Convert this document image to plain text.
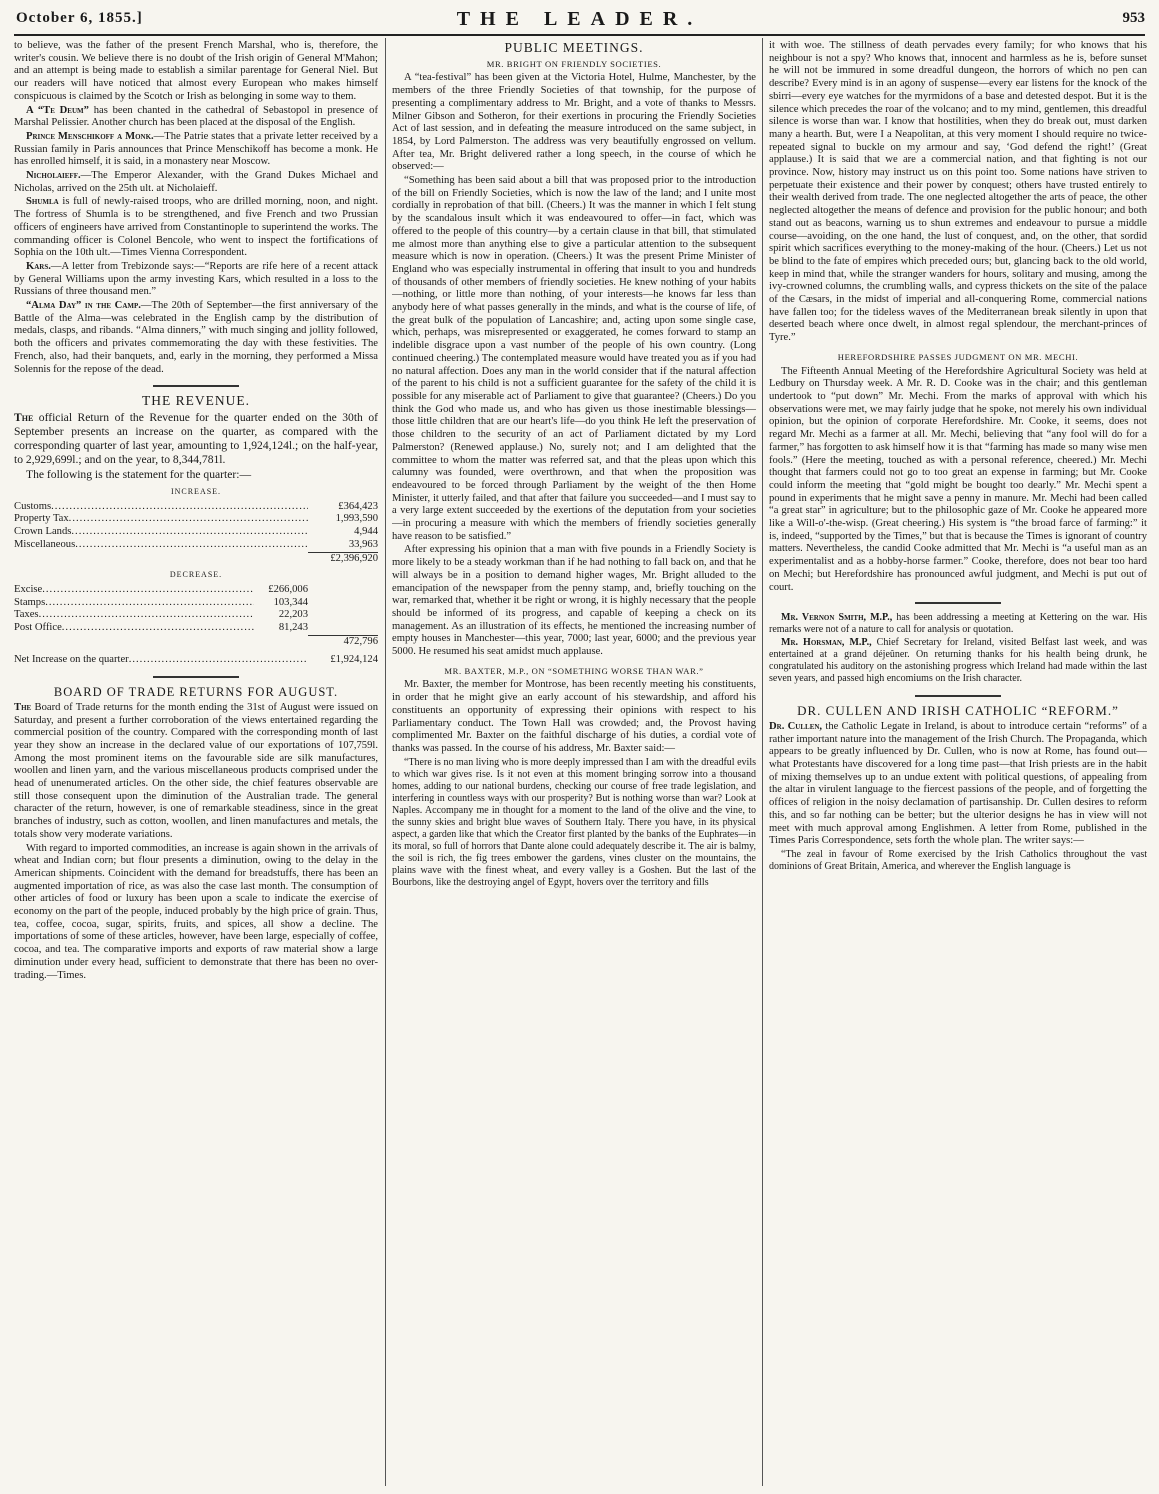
October 6, 1855.]	THE LEADER.	953

to believe, was the father of the present French Marshal, who is, therefore, the writer's cousin. We believe there is no doubt of the Irish origin of General M'Mahon; and an attempt is being made to establish a similar parentage for General Niel. But our readers will have noticed that almost every European who makes himself conspicuous is claimed by the Scotch or Irish as belonging in some way to them.

A “Te Deum” has been chanted in the cathedral of Sebastopol in presence of Marshal Pelissier. Another church has been placed at the disposal of the English.

Prince Menschikoff a Monk.—The Patrie states that a private letter received by a Russian family in Paris announces that Prince Menschikoff has become a monk. He has enrolled himself, it is said, in a monastery near Moscow.

Nicholaieff.—The Emperor Alexander, with the Grand Dukes Michael and Nicholas, arrived on the 25th ult. at Nicholaieff.

Shumla is full of newly-raised troops, who are drilled morning, noon, and night. The fortress of Shumla is to be strengthened, and five French and two Prussian officers of engineers have arrived from Constantinople to superintend the works. The commanding officer is Colonel Bencole, who went to inspect the fortifications of Sophia on the 10th ult.—Times Vienna Correspondent.

Kars.—A letter from Trebizonde says:—“Reports are rife here of a recent attack by General Williams upon the army investing Kars, which resulted in a loss to the Russians of three thousand men.”

“Alma Day” in the Camp.—The 20th of September—the first anniversary of the Battle of the Alma—was celebrated in the English camp by the distribution of medals, clasps, and ribands. “Alma dinners,” with much singing and jollity followed, both the officers and privates commemorating the day with these festivities. The French, also, had their banquets, and, early in the morning, they performed a Missa Solennis for the repose of the dead.

THE REVENUE.

The official Return of the Revenue for the quarter ended on the 30th of September presents an increase on the quarter, as compared with the corresponding quarter of last year, amounting to 1,924,124l.; on the half-year, to 2,929,699l.; and on the year, to 8,344,781l.

The following is the statement for the quarter:—

INCREASE.
Customs .....	£364,423
Property Tax .....	1,993,590
Crown Lands .....	4,944
Miscellaneous .....	33,963
£2,396,920
DECREASE.
Excise .....	£266,006
Stamps .....	103,344
Taxes .....	22,203
Post Office .....	81,243
472,796
Net Increase on the quarter .....	£1,924,124
BOARD OF TRADE RETURNS FOR AUGUST.

The Board of Trade returns for the month ending the 31st of August were issued on Saturday, and present a further corroboration of the views entertained regarding the commercial position of the country. Compared with the corresponding month of last year they show an increase in the declared value of our exportations of 107,759l. Among the most prominent items on the favourable side are silk manufactures, woollen and linen yarn, and the various miscellaneous products comprised under the head of unenumerated articles. On the other side, the chief features observable are still those consequent upon the diminution of the Australian trade. The general character of the return, however, is one of remarkable steadiness, since in the great branches of industry, such as cotton, woollen, and linen manufactures and metals, the totals show very moderate variations.

With regard to imported commodities, an increase is again shown in the arrivals of wheat and Indian corn; but flour presents a diminution, owing to the delay in the American shipments. Coincident with the demand for breadstuffs, there has been an augmented importation of rice, as was also the case last month. The consumption of other articles of food or luxury has been upon a scale to indicate the exercise of economy on the part of the people, induced probably by the high price of grain. Thus, tea, coffee, cocoa, sugar, spirits, fruits, and spices, all show a decline. The importations of some of these articles, however, have been large, especially of coffee, cocoa, and tea. The comparative imports and exports of raw material show a large diminution under every head, sufficient to demonstrate that there has been no over-trading.—Times.

PUBLIC MEETINGS.
MR. BRIGHT ON FRIENDLY SOCIETIES.

A “tea-festival” has been given at the Victoria Hotel, Hulme, Manchester, by the members of the three Friendly Societies of that township, for the purpose of presenting a complimentary address to Mr. Bright, and a vote of thanks to Messrs. Milner Gibson and Sotheron, for their exertions in procuring the Friendly Societies Act of last session, and in defeating the measure introduced on the same subject, in 1854, by Lord Palmerston. The address was very beautifully engrossed on vellum. After tea, Mr. Bright delivered rather a long speech, in the course of which he observed:—

“Something has been said about a bill that was proposed prior to the introduction of the bill on Friendly Societies, which is now the law of the land; and I unite most cordially in reprobation of that bill. (Cheers.) It was the manner in which I felt stung by the scandalous insult which it was endeavoured to offer—in fact, which was offered to the people of this country—by a certain clause in that bill, that stimulated me almost more than anything else to give a particular attention to the subsequent measure which is now in operation. (Cheers.) It was the present Prime Minister of England who was especially instrumental in offering that insult to you and hundreds of thousands of other members of friendly societies. He knew nothing of your habits—nothing, or little more than nothing, of your interests—he knows far less than anybody here of what passes generally in the minds, and what is the course of life, of the great bulk of the population of Lancashire; and, acting upon some single case, which, perhaps, was misrepresented or exaggerated, he comes forward to stamp an indelible disgrace upon a vast number of the people of his own country. (Long continued cheering.) The contemplated measure would have treated you as if you had no natural affection. Does any man in the world consider that if the natural affection of the parent to his child is not a sufficient guarantee for the safety of the child it is possible for any miserable act of Parliament to give that guarantee? (Cheers.) Do you think the God who made us, and who has given us those inestimable blessings—those little children that are our heart's life—do you think He left the preservation of those children to the security of an act of Parliament dictated by my Lord Palmerston? (Renewed applause.) No, surely not; and I am delighted that the committee to whom the matter was referred sat, and that the pleas upon which this calumny was founded, were overthrown, and that when the proposition was endeavoured to be forced through Parliament by the weight of the then Home Minister, it utterly failed, and that after that failure you succeeded—and I must say to a very large extent succeeded by the exertions of the deputation from your societies—in procuring a measure with which the members of friendly societies generally have reason to be satisfied.”

After expressing his opinion that a man with five pounds in a Friendly Society is more likely to be a steady workman than if he had nothing to fall back on, and that he will always be in a position to demand higher wages, Mr. Bright alluded to the emancipation of the newspaper from the penny stamp, and, briefly touching on the war, remarked that, whether it be right or wrong, it is highly necessary that the people should be informed of its progress, and capable of keeping a check on its management. As an illustration of its effects, he mentioned the increasing number of empty houses in Manchester—this year, 7000; last year, 6000; and the previous year 5000. He resumed his seat amidst much applause.

MR. BAXTER, M.P., ON “SOMETHING WORSE THAN WAR.”

Mr. Baxter, the member for Montrose, has been recently meeting his constituents, in order that he might give an early account of his stewardship, and afford his constituents an opportunity of expressing their opinions with respect to his Parliamentary conduct. The Town Hall was crowded; and, the Provost having complimented Mr. Baxter on the faithful discharge of his duties, a cordial vote of thanks was passed. In the course of his address, Mr. Baxter said:—

“There is no man living who is more deeply impressed than I am with the dreadful evils to which war gives rise. Is it not even at this moment bringing sorrow into a thousand homes, adding to our national burdens, checking our course of free trade legislation, and interfering in countless ways with our prosperity? But is nothing worse than war? Look at Naples. Accompany me in thought for a moment to the land of the olive and the vine, to the sunny skies and bright blue waves of Southern Italy. There you have, in its physical aspect, a garden like that which the Creator first planted by the banks of the Euphrates—in its moral, so full of horrors that Dante alone could adequately describe it. The air is balmy, the soil is rich, the fig trees embower the gardens, vines cluster on the mountains, the plains wave with the finest wheat, and every valley is a Goshen. But the last of the Bourbons, like the destroying angel of Egypt, hovers over the territory and fills

it with woe. The stillness of death pervades every family; for who knows that his neighbour is not a spy? Who knows that, innocent and harmless as he is, before sunset he will not be immured in some dreadful dungeon, the horrors of which no pen can describe? Every mind is in an agony of suspense—every ear listens for the knock of the sbirri—every eye watches for the myrmidons of a base and detested despot. But it is the silence which precedes the roar of the volcano; and to my mind, gentlemen, this dreadful silence is worse than war. I know that hostilities, when they do break out, must darken many a hearth. But, were I a Neapolitan, at this very moment I should require no twice-repeated signal to buckle on my armour and say, ‘God defend the right!’ (Great applause.) It is said that we are a commercial nation, and that fighting is not our province. Now, history may instruct us on this point too. Some nations have striven to perpetuate their existence and their power by conquest; others have trusted entirely to their wealth derived from trade. The one neglected altogether the arts of peace, the other neglected altogether the means of defence and provision for the public honour; and both stand out as beacons, warning us to shun extremes and endeavour to pursue a middle course—avoiding, on the one hand, the lust of conquest, and, on the other, that sordid spirit which sacrifices everything to the money-making of the hour. (Cheers.) Let us not be blind to the fate of empires which preceded ours; but, glancing back to the old world, keep in mind that, while the stranger wanders for hours, solitary and musing, among the ivy-crowned columns, the crumbling walls, and cypress thickets on the site of the palace of the Cæsars, in the midst of imperial and all-conquering Rome, commercial nations have fallen too; for the tideless waves of the Mediterranean break silently in upon that deserted beach where once dwelt, in almost regal splendour, the merchant-princes of Tyre.”

HEREFORDSHIRE PASSES JUDGMENT ON MR. MECHI.

The Fifteenth Annual Meeting of the Herefordshire Agricultural Society was held at Ledbury on Thursday week. A Mr. R. D. Cooke was in the chair; and this gentleman undertook to “put down” Mr. Mechi. From the marks of approval with which his observations were met, we may fairly judge that he spoke, not merely his own individual opinion, but the opinion of corporate Herefordshire. Mr. Cooke, it seems, does not regard Mr. Mechi as a farmer at all. Mr. Mechi, believing that “any fool will do for a farmer,” has forgotten to ask himself how it is that “farming has made so many wise men fools.” (Here the meeting, touched as with a personal reference, cheered.) Mr. Mechi thought that farmers could not go to too great an expense in farming; but Mr. Cooke could inform the meeting that “gold might be bought too dearly.” Mr. Mechi spent a pound in experiments that he might save a penny in manure. Mr. Mechi had been called “a great star” in agriculture; but to the philosophic gaze of Mr. Cooke he appeared more like a Will-o'-the-wisp. (Great cheering.) His system is “the broad farce of farming:” it is, indeed, “supported by the Times,” but that is because the Times is ignorant of country matters. Nevertheless, the candid Cooke admitted that Mr. Mechi is “a useful man as an experimentalist and as a hobby-horse farmer.” Cooke, therefore, does not bear too hard on Mechi; but Herefordshire has pronounced awful judgment, and Mechi is put out of court.

Mr. Vernon Smith, M.P., has been addressing a meeting at Kettering on the war. His remarks were not of a nature to call for analysis or quotation.

Mr. Horsman, M.P., Chief Secretary for Ireland, visited Belfast last week, and was entertained at a grand déjeûner. On returning thanks for his health being drunk, he congratulated his auditory on the astonishing progress which Ireland had made within the last seven years, and passed high encomiums on the Irish character.

DR. CULLEN AND IRISH CATHOLIC “REFORM.”

Dr. Cullen, the Catholic Legate in Ireland, is about to introduce certain “reforms” of a rather important nature into the management of the Irish Church. The Propaganda, which appears to be greatly influenced by Dr. Cullen, who is now at Rome, has found out—what Protestants have discovered for a long time past—that Irish priests are in the habit of mixing themselves up to an undue extent with political questions, of appealing from the altar in virulent language to the fiercest passions of the people, and of forgetting the offices of religion in the noisy declamation of partisanship. Dr. Cullen desires to reform this, and so far nothing can be better; but the ulterior designs he has in view will not meet with much approval among Englishmen. A letter from Rome, published in the Times Paris Correspondence, sets forth the whole plan. The writer says:—

“The zeal in favour of Rome exercised by the Irish Catholics throughout the vast dominions of Great Britain, America, and wherever the English language is
